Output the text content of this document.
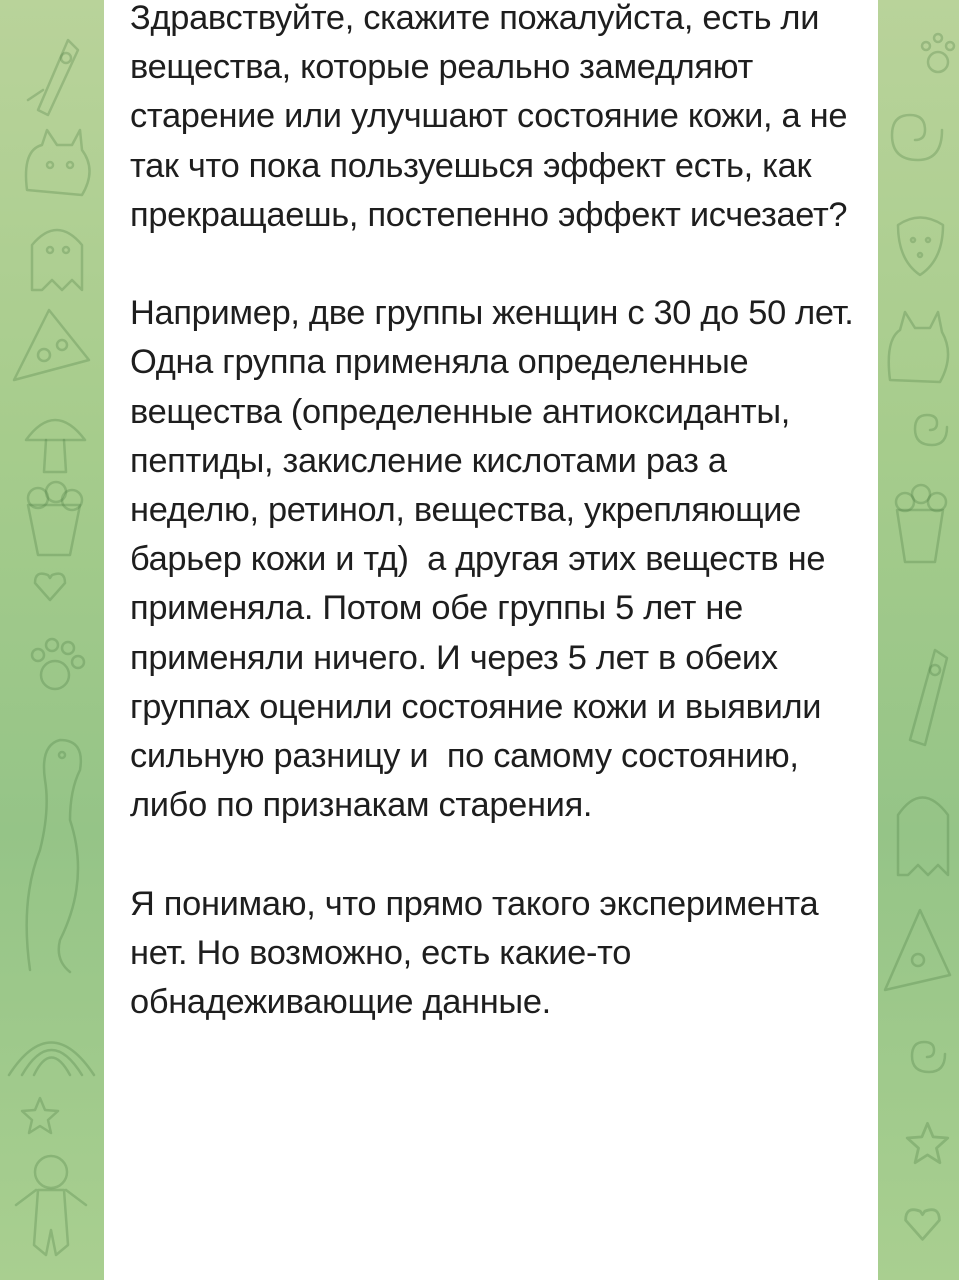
Здравствуйте, скажите пожалуйста, есть ли вещества, которые реально замедляют старение или улучшают состояние кожи, а не так что пока пользуешься эффект есть, как прекращаешь, постепенно эффект исчезает?

Например, две группы женщин с 30 до 50 лет. Одна группа применяла определенные вещества (определенные антиоксиданты, пептиды, закисление кислотами раз а неделю, ретинол, вещества, укрепляющие барьер кожи и тд)  а другая этих веществ не применяла. Потом обе группы 5 лет не применяли ничего. И через 5 лет в обеих группах оценили состояние кожи и выявили сильную разницу и  по самому состоянию, либо по признакам старения.

Я понимаю, что прямо такого эксперимента нет. Но возможно, есть какие-то обнадеживающие данные.
